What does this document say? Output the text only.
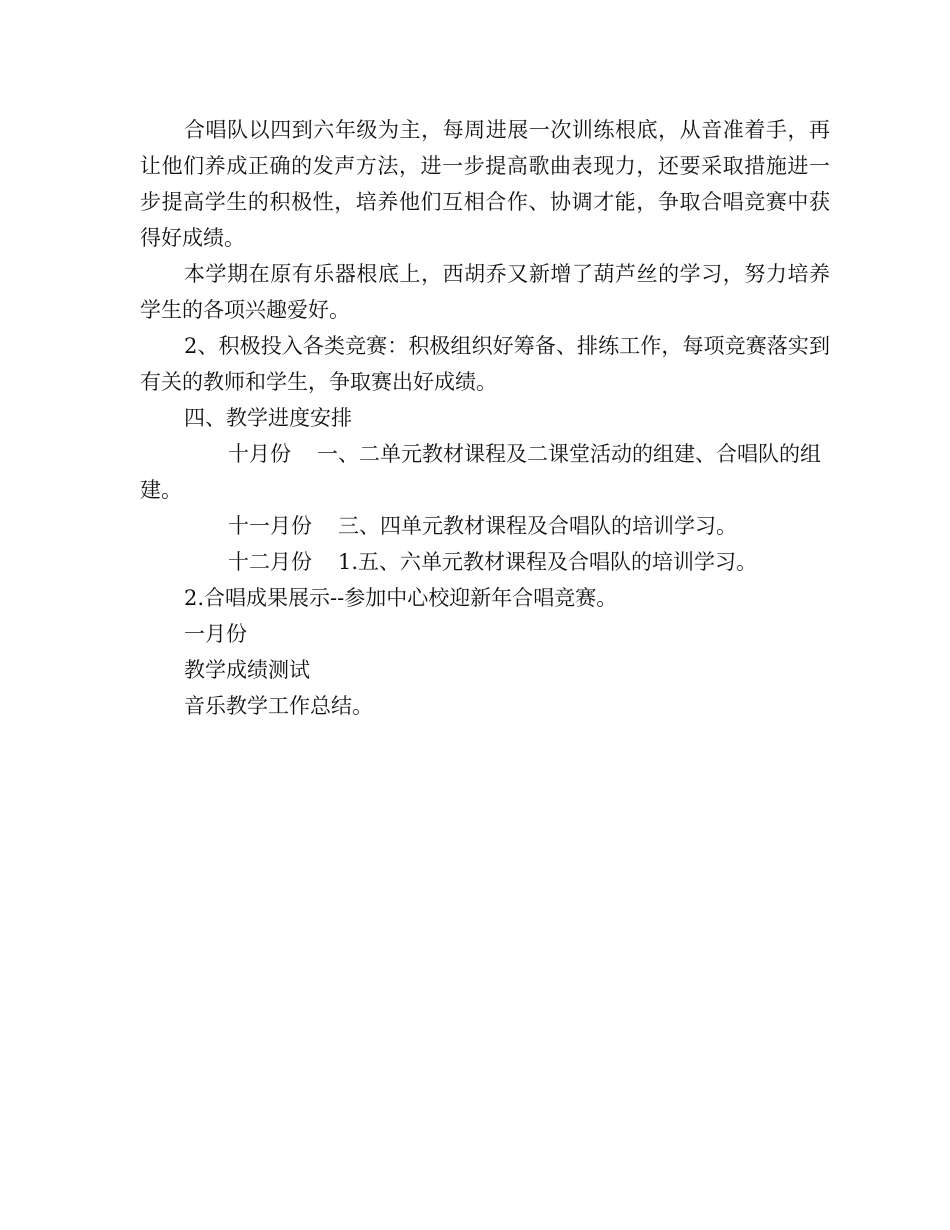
合唱队以四到六年级为主，每周进展一次训练根底，从音准着手，再让他们养成正确的发声方法，进一步提高歌曲表现力，还要采取措施进一步提高学生的积极性，培养他们互相合作、协调才能，争取合唱竞赛中获得好成绩。

本学期在原有乐器根底上，西胡乔又新增了葫芦丝的学习，努力培养学生的各项兴趣爱好。

2、积极投入各类竞赛：积极组织好筹备、排练工作，每项竞赛落实到有关的教师和学生，争取赛出好成绩。

四、教学进度安排

十月份 一、二单元教材课程及二课堂活动的组建、合唱队的组建。

十一月份 三、四单元教材课程及合唱队的培训学习。

十二月份 1.五、六单元教材课程及合唱队的培训学习。

2.合唱成果展示--参加中心校迎新年合唱竞赛。

一月份

教学成绩测试

音乐教学工作总结。
